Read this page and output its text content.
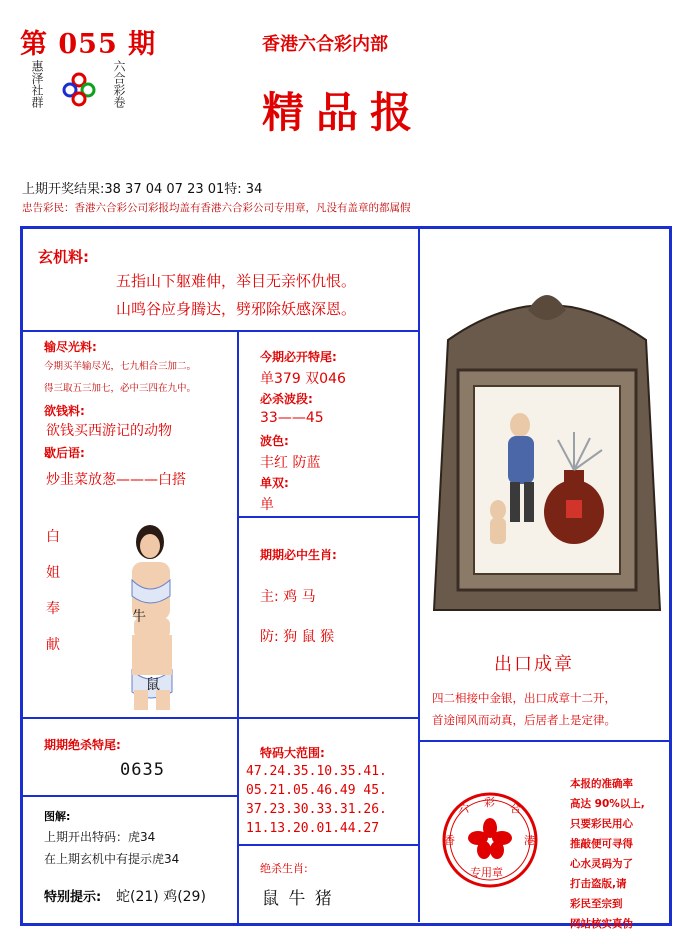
第 055 期
惠泽社群	六合彩卷
香港六合彩内部
精品报
上期开奖结果:38 37 04 07 23 01特: 34
忠告彩民：香港六合彩公司彩报均盖有香港六合彩公司专用章，凡没有盖章的都属假
玄机料:
五指山下躯难伸，举目无亲怀仇恨。
山鸣谷应身腾达，劈邪除妖感深恩。
输尽光料:
今期买羊输尽光，七九相合三加二。
得三取五三加七，必中三四在九中。
欲钱料:
欲钱买西游记的动物
歇后语:
炒韭菜放葱———白搭
白
姐
奉
献
牛
鼠
今期必开特尾:
单379 双046
必杀波段:
33——45
波色:
丰红 防蓝
单双:
单
期期必中生肖:
主: 鸡 马
防: 狗 鼠 猴
出口成章
四二相接中金银，出口成章十二开，
首途闻风而动真，后居者上是定律。
期期绝杀特尾:
0635
图解:
上期开出特码：虎34
在上期玄机中有提示虎34
特别提示: 蛇(21) 鸡(29)
特码大范围:
47.24.35.10.35.41.
05.21.05.46.49 45.
37.23.30.33.31.26.
11.13.20.01.44.27
绝杀生肖:
鼠 牛 猪
六 彩 合
香	港
专用章
本报的准确率
高达 90%以上,
只要彩民用心
推敲便可寻得
心水灵码为了
打击盗版,请
彩民至宗到
网站核实真伪
